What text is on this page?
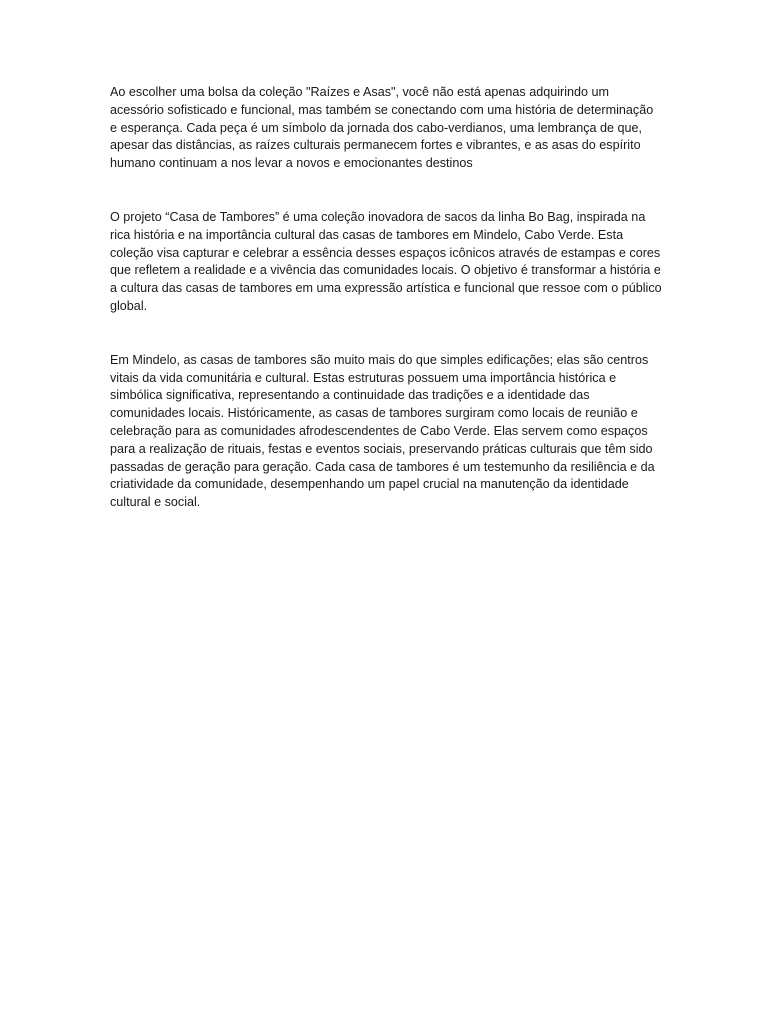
Ao escolher uma bolsa da coleção "Raízes e Asas", você não está apenas adquirindo um acessório sofisticado e funcional, mas também se conectando com uma história de determinação e esperança. Cada peça é um símbolo da jornada dos cabo-verdianos, uma lembrança de que, apesar das distâncias, as raízes culturais permanecem fortes e vibrantes, e as asas do espírito humano continuam a nos levar a novos e emocionantes destinos

O projeto “Casa de Tambores” é uma coleção inovadora de sacos da linha Bo Bag, inspirada na rica história e na importância cultural das casas de tambores em Mindelo, Cabo Verde. Esta coleção visa capturar e celebrar a essência desses espaços icônicos através de estampas e cores que refletem a realidade e a vivência das comunidades locais. O objetivo é transformar a história e a cultura das casas de tambores em uma expressão artística e funcional que ressoe com o público global.

Em Mindelo, as casas de tambores são muito mais do que simples edificações; elas são centros vitais da vida comunitária e cultural. Estas estruturas possuem uma importância histórica e simbólica significativa, representando a continuidade das tradições e a identidade das comunidades locais. Históricamente, as casas de tambores surgiram como locais de reunião e celebração para as comunidades afrodescendentes de Cabo Verde. Elas servem como espaços para a realização de rituais, festas e eventos sociais, preservando práticas culturais que têm sido passadas de geração para geração. Cada casa de tambores é um testemunho da resiliência e da criatividade da comunidade, desempenhando um papel crucial na manutenção da identidade cultural e social.
